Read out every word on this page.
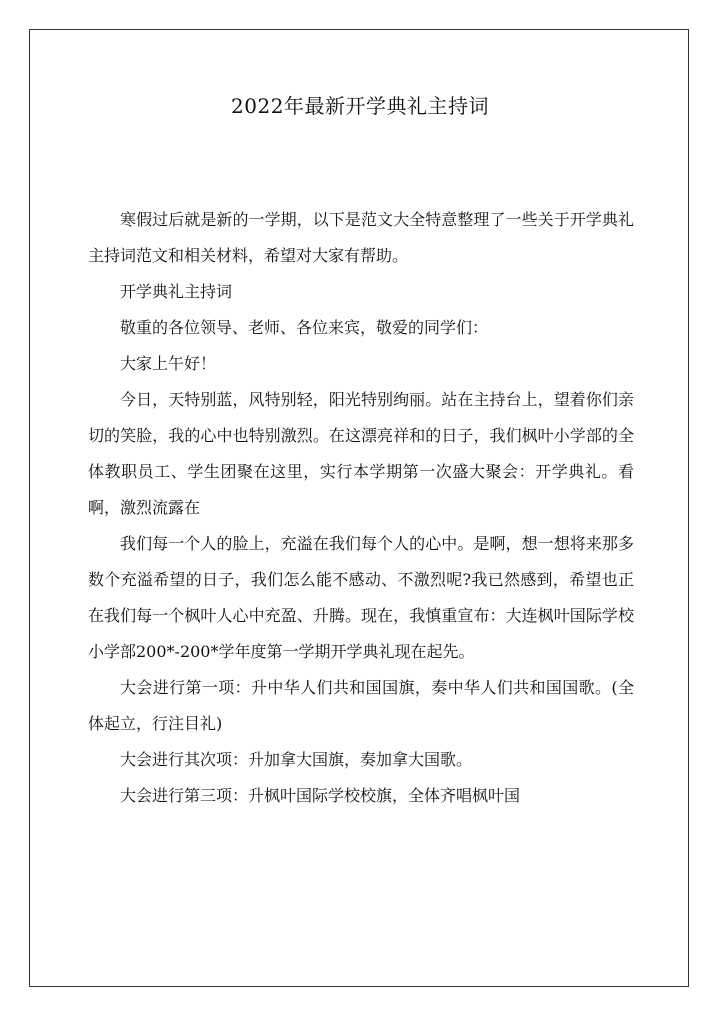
2022年最新开学典礼主持词

寒假过后就是新的一学期，以下是范文大全特意整理了一些关于开学典礼主持词范文和相关材料，希望对大家有帮助。

开学典礼主持词

敬重的各位领导、老师、各位来宾，敬爱的同学们：

大家上午好！

今日，天特别蓝，风特别轻，阳光特别绚丽。站在主持台上，望着你们亲切的笑脸，我的心中也特别激烈。在这漂亮祥和的日子，我们枫叶小学部的全体教职员工、学生团聚在这里，实行本学期第一次盛大聚会：开学典礼。看啊，激烈流露在

我们每一个人的脸上，充溢在我们每个人的心中。是啊，想一想将来那多数个充溢希望的日子，我们怎么能不感动、不激烈呢?我已然感到，希望也正在我们每一个枫叶人心中充盈、升腾。现在，我慎重宣布：大连枫叶国际学校小学部200*-200*学年度第一学期开学典礼现在起先。

大会进行第一项：升中华人们共和国国旗，奏中华人们共和国国歌。(全体起立，行注目礼)

大会进行其次项：升加拿大国旗，奏加拿大国歌。

大会进行第三项：升枫叶国际学校校旗，全体齐唱枫叶国
